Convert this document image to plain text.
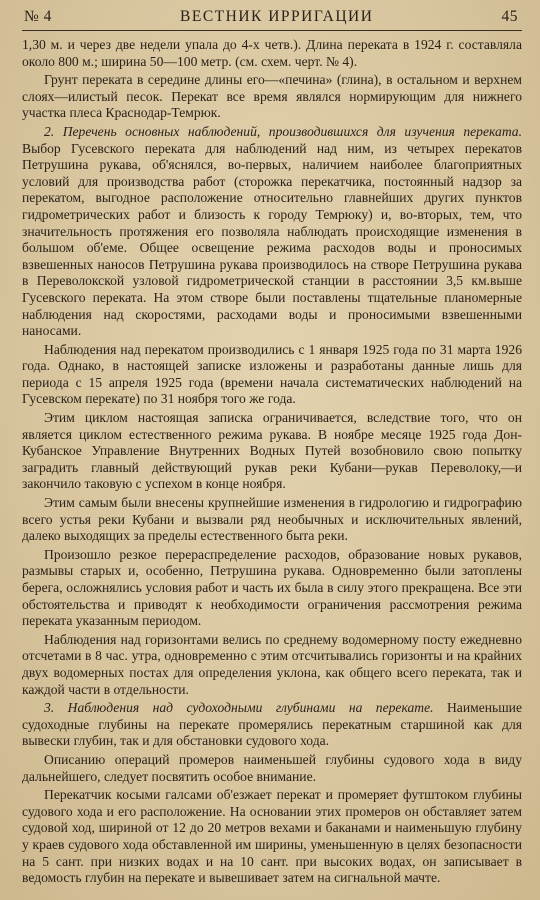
№ 4	ВЕСТНИК ИРРИГАЦИИ	45

1,30 м. и через две недели упала до 4-х четв.). Длина переката в 1924 г. составляла около 800 м.; ширина 50—100 метр. (см. схем. черт. № 4).

Грунт переката в середине длины его—«печина» (глина), в остальном и верхнем слоях—илистый песок. Перекат все время являлся нормирующим для нижнего участка плеса Краснодар-Темрюк.

2. Перечень основных наблюдений, производившихся для изучения переката. Выбор Гусевского переката для наблюдений над ним, из четырех перекатов Петрушина рукава, об'яснялся, во-первых, наличием наиболее благоприятных условий для производства работ (сторожка перекатчика, постоянный надзор за перекатом, выгодное расположение относительно главнейших других пунктов гидрометрических работ и близость к городу Темрюку) и, во-вторых, тем, что значительность протяжения его позволяла наблюдать происходящие изменения в большом об'еме. Общее освещение режима расходов воды и проносимых взвешенных наносов Петрушина рукава производилось на створе Петрушина рукава в Переволокской узловой гидрометрической станции в расстоянии 3,5 км.выше Гусевского переката. На этом створе были поставлены тщательные планомерные наблюдения над скоростями, расходами воды и проносимыми взвешенными наносами.

Наблюдения над перекатом производились с 1 января 1925 года по 31 марта 1926 года. Однако, в настоящей записке изложены и разработаны данные лишь для периода с 15 апреля 1925 года (времени начала систематических наблюдений на Гусевском перекате) по 31 ноября того же года.

Этим циклом настоящая записка ограничивается, вследствие того, что он является циклом естественного режима рукава. В ноябре месяце 1925 года Дон-Кубанское Управление Внутренних Водных Путей возобновило свою попытку заградить главный действующий рукав реки Кубани—рукав Переволоку,—и закончило таковую с успехом в конце ноября.

Этим самым были внесены крупнейшие изменения в гидрологию и гидрографию всего устья реки Кубани и вызвали ряд необычных и исключительных явлений, далеко выходящих за пределы естественного быта реки.

Произошло резкое перераспределение расходов, образование новых рукавов, размывы старых и, особенно, Петрушина рукава. Одновременно были затоплены берега, осложнялись условия работ и часть их была в силу этого прекращена. Все эти обстоятельства и приводят к необходимости ограничения рассмотрения режима переката указанным периодом.

Наблюдения над горизонтами велись по среднему водомерному посту ежедневно отсчетами в 8 час. утра, одновременно с этим отсчитывались горизонты и на крайних двух водомерных постах для определения уклона, как общего всего переката, так и каждой части в отдельности.

3. Наблюдения над судоходными глубинами на перекате. Наименьшие судоходные глубины на перекате промерялись перекатным старшиной как для вывески глубин, так и для обстановки судового хода.

Описанию операций промеров наименьшей глубины судового хода в виду дальнейшего, следует посвятить особое внимание.

Перекатчик косыми галсами об'езжает перекат и промеряет футштоком глубины судового хода и его расположение. На основании этих промеров он обставляет затем судовой ход, шириной от 12 до 20 метров вехами и баканами и наименьшую глубину у краев судового хода обставленной им ширины, уменьшенную в целях безопасности на 5 сант. при низких водах и на 10 сант. при высоких водах, он записывает в ведомость глубин на перекате и вывешивает затем на сигнальной мачте.
